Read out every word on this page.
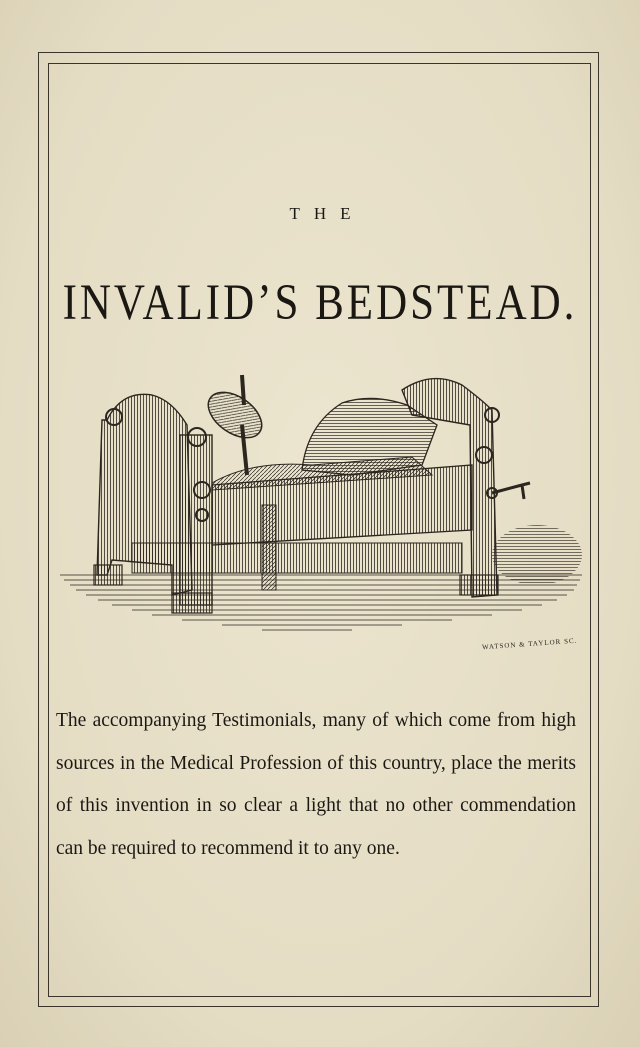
THE
INVALID’S BEDSTEAD.
WATSON & TAYLOR SC.

The accompanying Testimonials, many of which come from high sources in the Medical Profession of this country, place the merits of this invention in so clear a light that no other commendation can be required to recommend it to any one.
